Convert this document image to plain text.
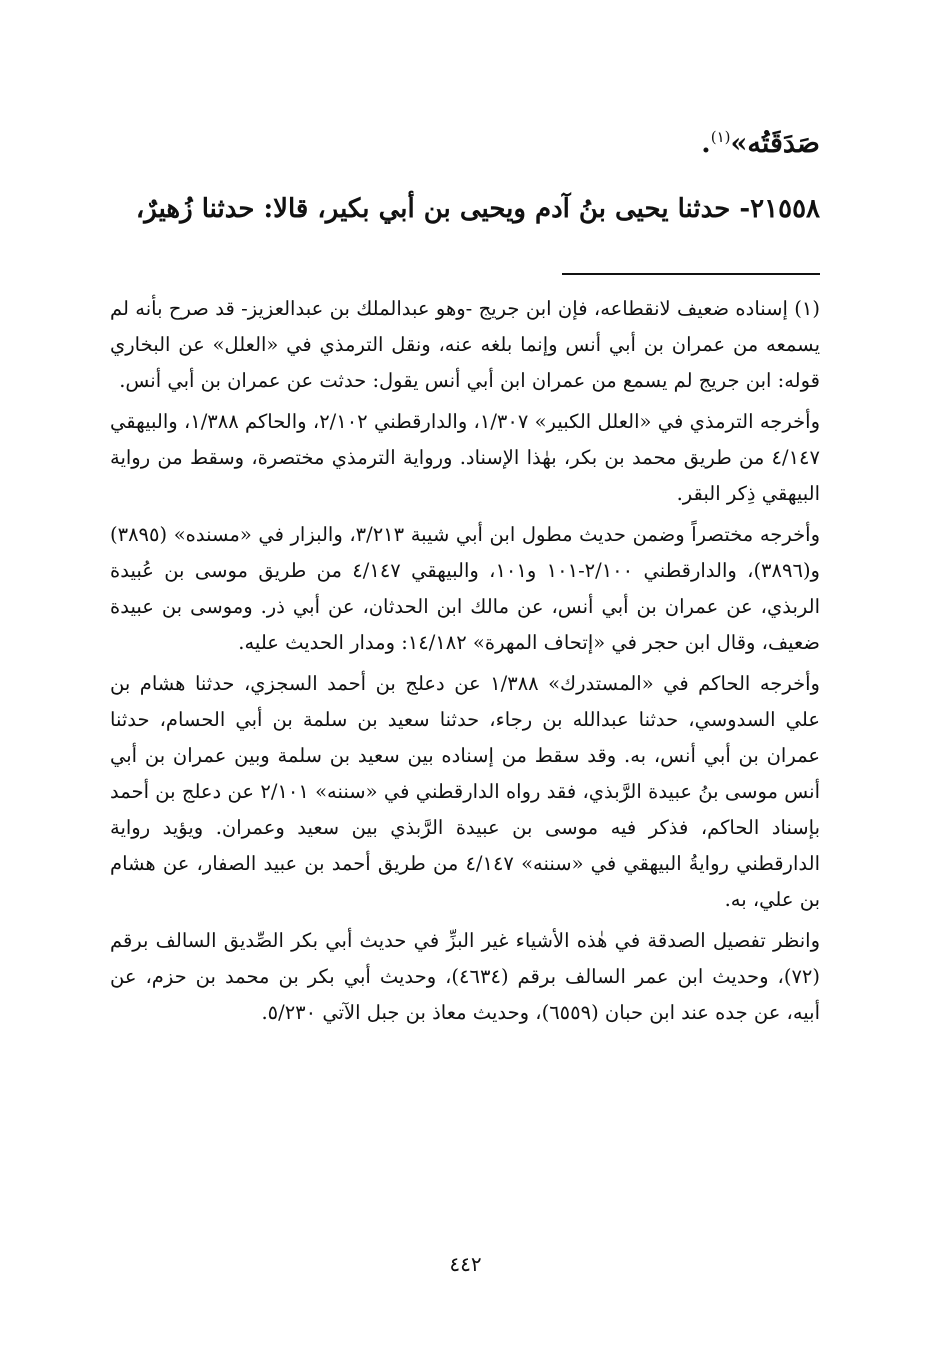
صَدَقَتُه»$^{(١)}$.

٢١٥٥٨- حدثنا يحيى بنُ آدم ويحيى بن أبي بكير، قالا: حدثنا زُهيرٌ،

(١) إسناده ضعيف لانقطاعه، فإن ابن جريج -وهو عبدالملك بن عبدالعزيز- قد صرح بأنه لم يسمعه من عمران بن أبي أنس وإنما بلغه عنه، ونقل الترمذي في «العلل» عن البخاري قوله: ابن جريج لم يسمع من عمران ابن أبي أنس يقول: حدثت عن عمران بن أبي أنس.

وأخرجه الترمذي في «العلل الكبير» ١/٣٠٧، والدارقطني ٢/١٠٢، والحاكم ١/٣٨٨، والبيهقي ٤/١٤٧ من طريق محمد بن بكر، بهٰذا الإسناد. ورواية الترمذي مختصرة، وسقط من رواية البيهقي ذِكر البقر.

وأخرجه مختصراً وضمن حديث مطول ابن أبي شيبة ٣/٢١٣، والبزار في «مسنده» (٣٨٩٥) و(٣٨٩٦)، والدارقطني ٢/١٠٠-١٠١ و١٠١، والبيهقي ٤/١٤٧ من طريق موسى بن عُبيدة الربذي، عن عمران بن أبي أنس، عن مالك ابن الحدثان، عن أبي ذر. وموسى بن عبيدة ضعيف، وقال ابن حجر في «إتحاف المهرة» ١٤/١٨٢: ومدار الحديث عليه.

وأخرجه الحاكم في «المستدرك» ١/٣٨٨ عن دعلج بن أحمد السجزي، حدثنا هشام بن علي السدوسي، حدثنا عبدالله بن رجاء، حدثنا سعيد بن سلمة بن أبي الحسام، حدثنا عمران بن أبي أنس، به. وقد سقط من إسناده بين سعيد بن سلمة وبين عمران بن أبي أنس موسى بنُ عبيدة الرَّبذي، فقد رواه الدارقطني في «سننه» ٢/١٠١ عن دعلج بن أحمد بإسناد الحاكم، فذكر فيه موسى بن عبيدة الرَّبذي بين سعيد وعمران. ويؤيد رواية الدارقطني روايةُ البيهقي في «سننه» ٤/١٤٧ من طريق أحمد بن عبيد الصفار، عن هشام بن علي، به.

وانظر تفصيل الصدقة في هٰذه الأشياء غير البزِّ في حديث أبي بكر الصِّديق السالف برقم (٧٢)، وحديث ابن عمر السالف برقم (٤٦٣٤)، وحديث أبي بكر بن محمد بن حزم، عن أبيه، عن جده عند ابن حبان (٦٥٥٩)، وحديث معاذ بن جبل الآتي ٥/٢٣٠.

٤٤٢
